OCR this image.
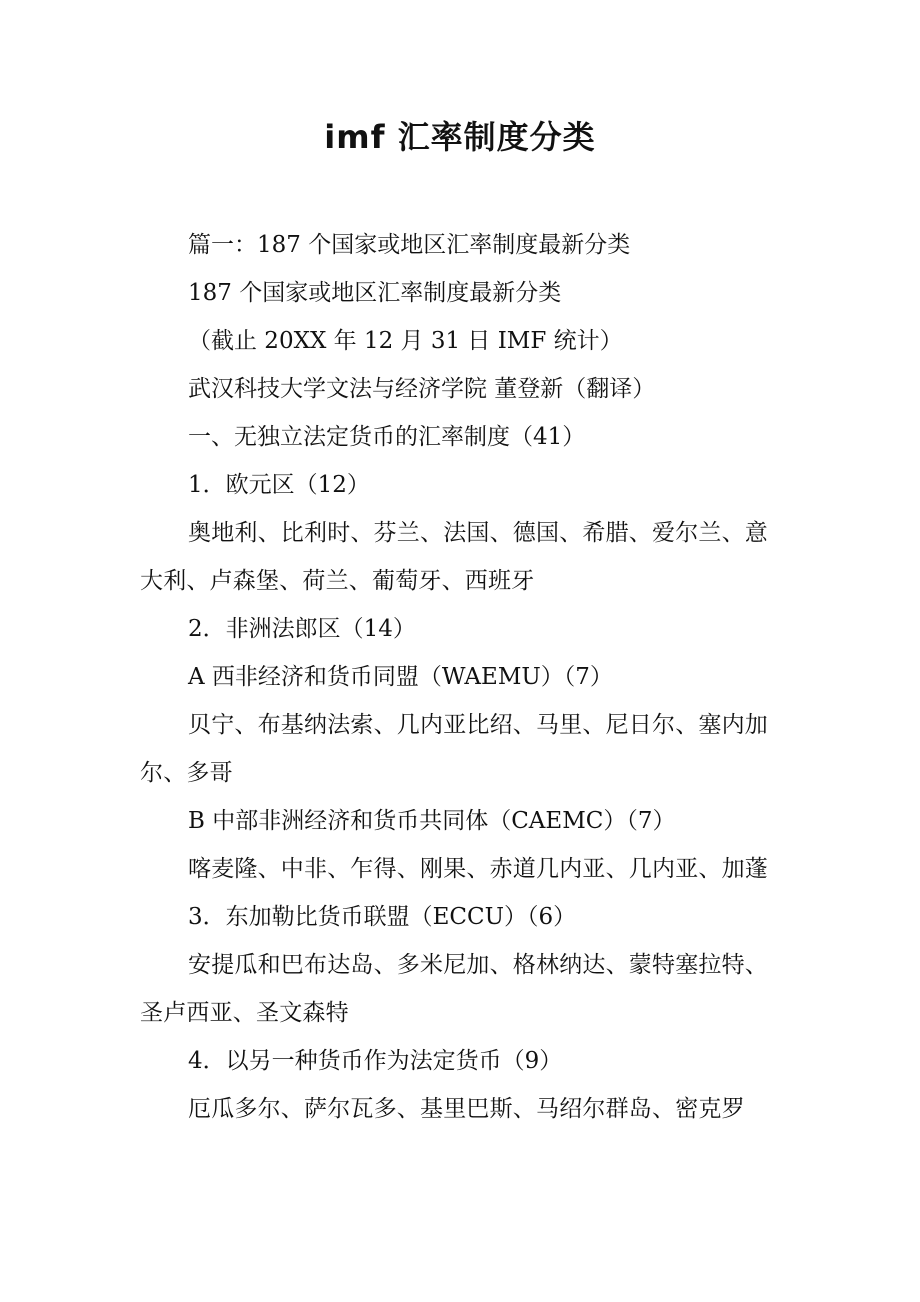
imf 汇率制度分类

篇一：187 个国家或地区汇率制度最新分类

187 个国家或地区汇率制度最新分类

（截止 20XX 年 12 月 31 日 IMF 统计）

武汉科技大学文法与经济学院 董登新（翻译）

一、无独立法定货币的汇率制度（41）

1．欧元区（12）

奥地利、比利时、芬兰、法国、德国、希腊、爱尔兰、意大利、卢森堡、荷兰、葡萄牙、西班牙

2．非洲法郎区（14）

A 西非经济和货币同盟（WAEMU）（7）

贝宁、布基纳法索、几内亚比绍、马里、尼日尔、塞内加尔、多哥

B 中部非洲经济和货币共同体（CAEMC）（7）

喀麦隆、中非、乍得、刚果、赤道几内亚、几内亚、加蓬

3．东加勒比货币联盟（ECCU）（6）

安提瓜和巴布达岛、多米尼加、格林纳达、蒙特塞拉特、圣卢西亚、圣文森特

4．以另一种货币作为法定货币（9）

厄瓜多尔、萨尔瓦多、基里巴斯、马绍尔群岛、密克罗
